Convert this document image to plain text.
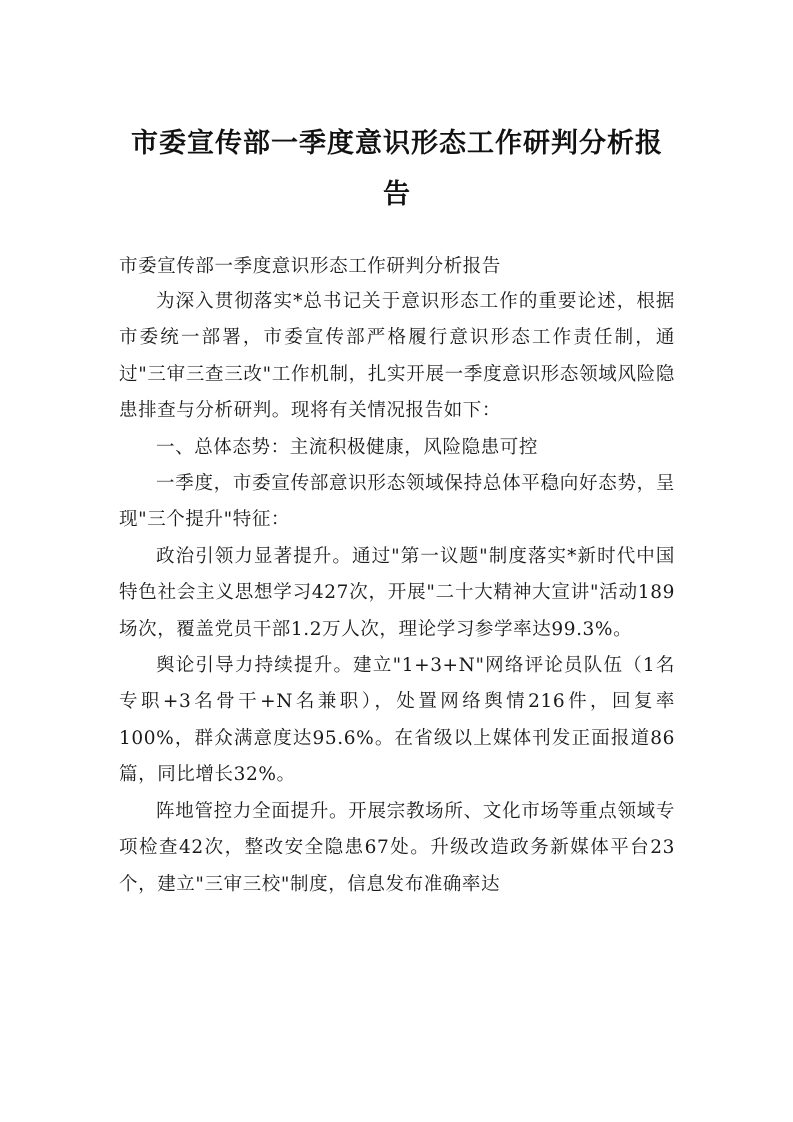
市委宣传部一季度意识形态工作研判分析报告
市委宣传部一季度意识形态工作研判分析报告

为深入贯彻落实*总书记关于意识形态工作的重要论述，根据市委统一部署，市委宣传部严格履行意识形态工作责任制，通过"三审三查三改"工作机制，扎实开展一季度意识形态领域风险隐患排查与分析研判。现将有关情况报告如下：

一、总体态势：主流积极健康，风险隐患可控

一季度，市委宣传部意识形态领域保持总体平稳向好态势，呈现"三个提升"特征：

政治引领力显著提升。通过"第一议题"制度落实*新时代中国特色社会主义思想学习427次，开展"二十大精神大宣讲"活动189场次，覆盖党员干部1.2万人次，理论学习参学率达99.3%。

舆论引导力持续提升。建立"1+3+N"网络评论员队伍（1名专职+3名骨干+N名兼职），处置网络舆情216件，回复率100%，群众满意度达95.6%。在省级以上媒体刊发正面报道86篇，同比增长32%。

阵地管控力全面提升。开展宗教场所、文化市场等重点领域专项检查42次，整改安全隐患67处。升级改造政务新媒体平台23个，建立"三审三校"制度，信息发布准确率达
